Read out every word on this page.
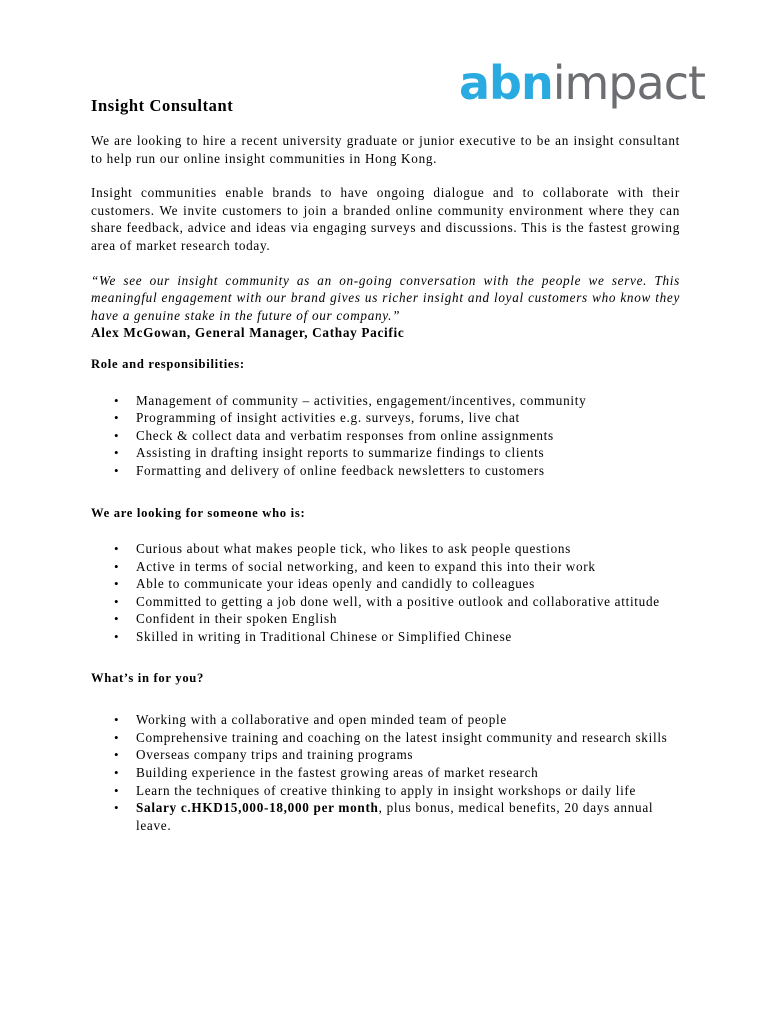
abnimpact
Insight Consultant

We are looking to hire a recent university graduate or junior executive to be an insight consultant to help run our online insight communities in Hong Kong.

Insight communities enable brands to have ongoing dialogue and to collaborate with their customers. We invite customers to join a branded online community environment where they can share feedback, advice and ideas via engaging surveys and discussions. This is the fastest growing area of market research today.

“We see our insight community as an on-going conversation with the people we serve. This meaningful engagement with our brand gives us richer insight and loyal customers who know they have a genuine stake in the future of our company.”

Alex McGowan, General Manager, Cathay Pacific

Role and responsibilities:

• Management of community – activities, engagement/incentives, community
• Programming of insight activities e.g. surveys, forums, live chat
• Check & collect data and verbatim responses from online assignments
• Assisting in drafting insight reports to summarize findings to clients
• Formatting and delivery of online feedback newsletters to customers

We are looking for someone who is:

• Curious about what makes people tick, who likes to ask people questions
• Active in terms of social networking, and keen to expand this into their work
• Able to communicate your ideas openly and candidly to colleagues
• Committed to getting a job done well, with a positive outlook and collaborative attitude
• Confident in their spoken English
• Skilled in writing in Traditional Chinese or Simplified Chinese

What’s in for you?

• Working with a collaborative and open minded team of people
• Comprehensive training and coaching on the latest insight community and research skills
• Overseas company trips and training programs
• Building experience in the fastest growing areas of market research
• Learn the techniques of creative thinking to apply in insight workshops or daily life
• Salary c.HKD15,000-18,000 per month, plus bonus, medical benefits, 20 days annual leave.
